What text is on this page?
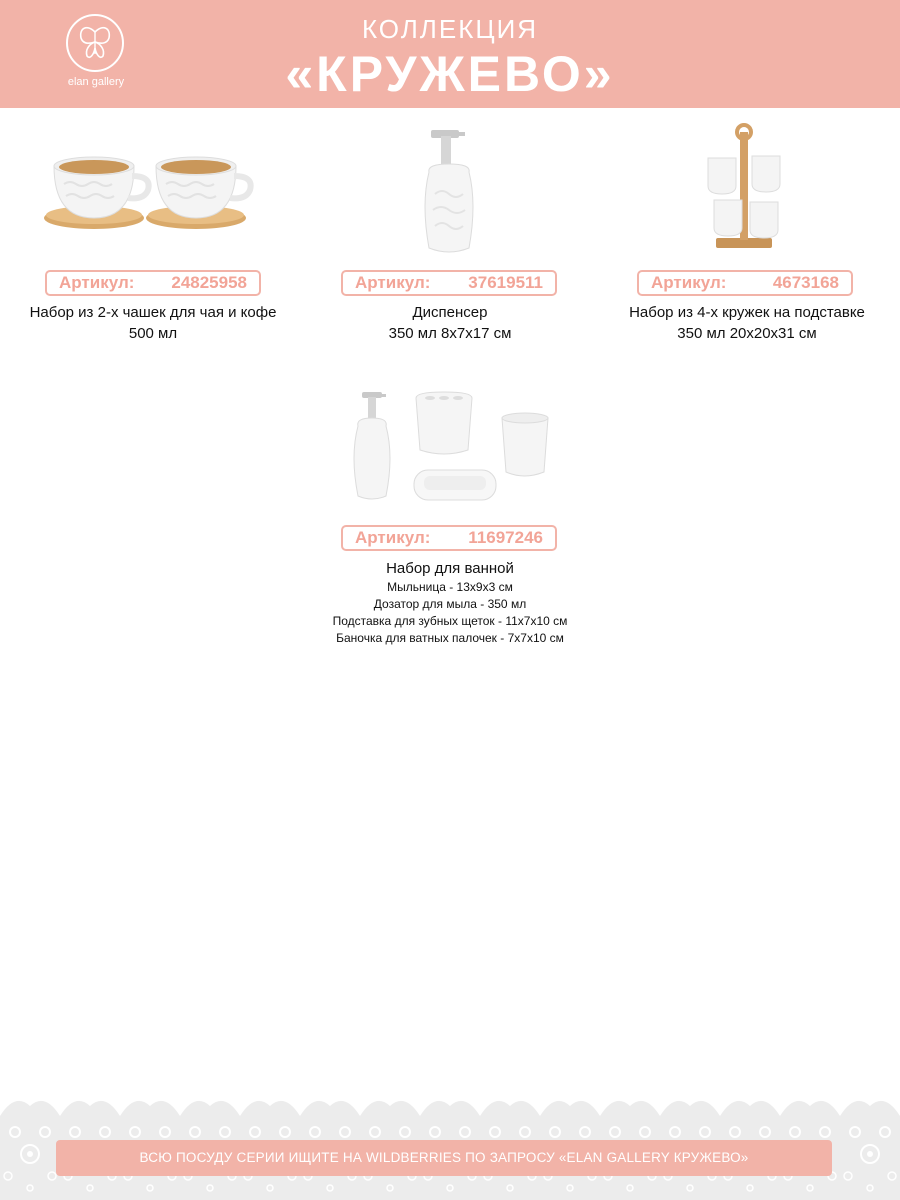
elan gallery
КОЛЛЕКЦИЯ
«КРУЖЕВО»
Артикул: 24825958	Артикул: 37619511	Артикул:	4673168
Набор из 2-х чашек для чая и кофе
500 мл
Диспенсер
350 мл 8х7х17 см
Набор из 4-х кружек на подставке
350 мл 20х20х31 см
Артикул: 11697246
Набор для ванной
Мыльница - 13х9х3 см
Дозатор для мыла - 350 мл
Подставка для зубных щеток - 11х7х10 см
Баночка для ватных палочек - 7х7х10 см
ВСЮ ПОСУДУ СЕРИИ ИЩИТЕ НА WILDBERRIES ПО ЗАПРОСУ «ELAN GALLERY КРУЖЕВО»
